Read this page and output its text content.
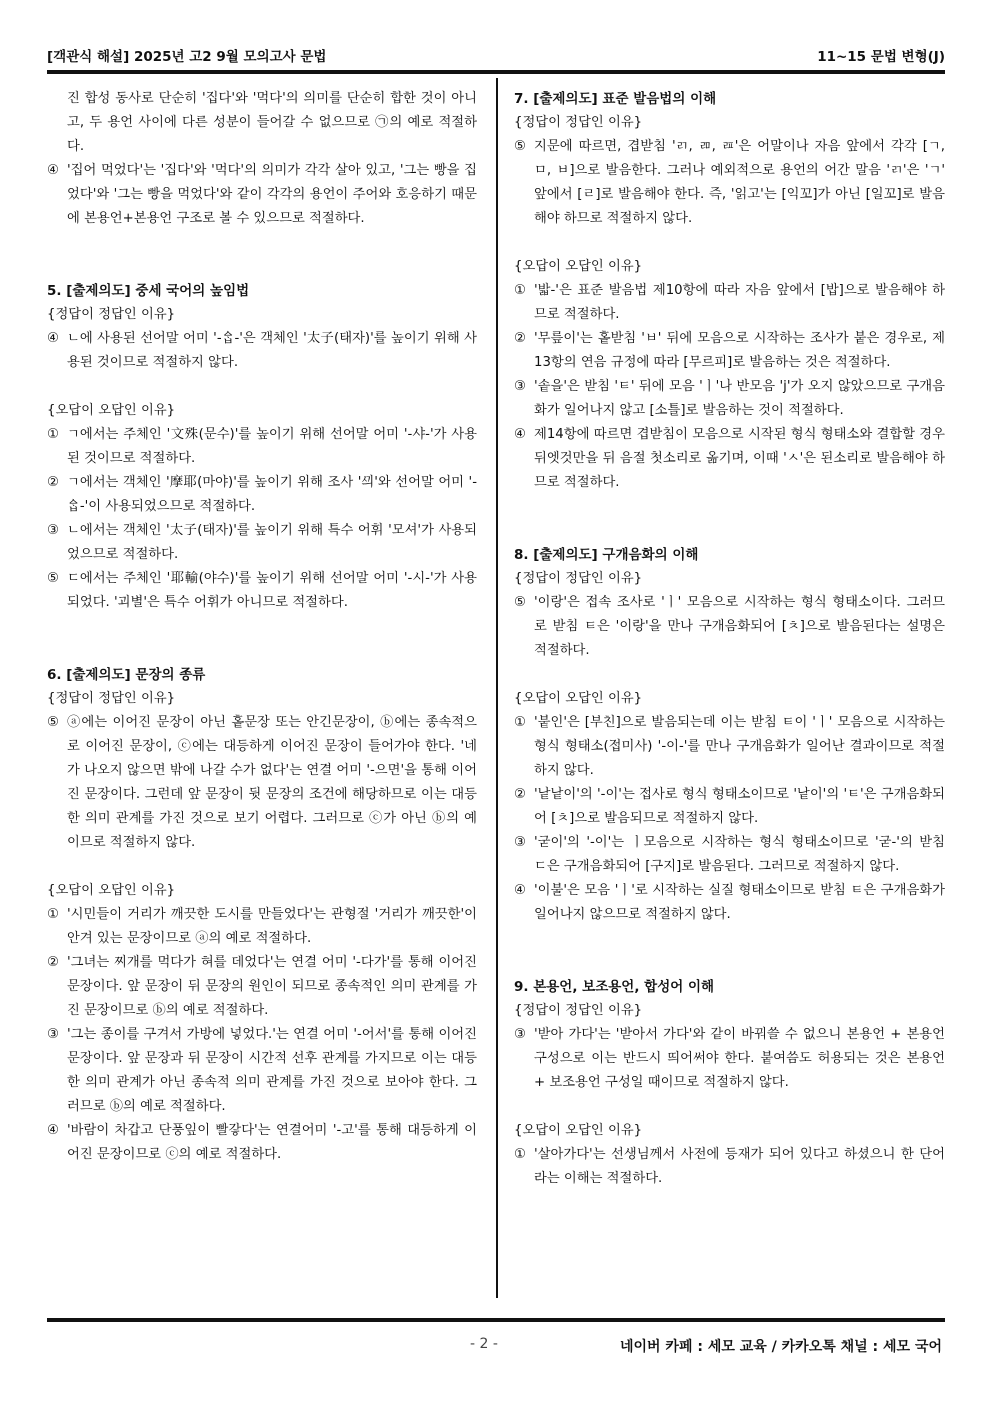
[객관식 해설] 2025년 고2 9월 모의고사 문법	11~15 문법 변형(J)

진 합성 동사로 단순히 '집다'와 '먹다'의 의미를 단순히 합한 것이 아니고, 두 용언 사이에 다른 성분이 들어갈 수 없으므로 ㉠의 예로 적절하다.

④ '집어 먹었다'는 '집다'와 '먹다'의 의미가 각각 살아 있고, '그는 빵을 집었다'와 '그는 빵을 먹었다'와 같이 각각의 용언이 주어와 호응하기 때문에 본용언+본용언 구조로 볼 수 있으므로 적절하다.

5. [출제의도] 중세 국어의 높임법

{정답이 정답인 이유}

④ ㄴ에 사용된 선어말 어미 '-ᅀᆞᆸ-'은 객체인 '太子(태자)'를 높이기 위해 사용된 것이므로 적절하지 않다.

{오답이 오답인 이유}

① ㄱ에서는 주체인 '文殊(문수)'를 높이기 위해 선어말 어미 '-샤-'가 사용된 것이므로 적절하다.
② ㄱ에서는 객체인 '摩耶(마야)'를 높이기 위해 조사 'ᄭᅴ'와 선어말 어미 '-ᅀᆞᆸ-'이 사용되었으므로 적절하다.
③ ㄴ에서는 객체인 '太子(태자)'를 높이기 위해 특수 어휘 '모셔'가 사용되었으므로 적절하다.
⑤ ㄷ에서는 주체인 '耶輸(야수)'를 높이기 위해 선어말 어미 '-시-'가 사용되었다. '괴별'은 특수 어휘가 아니므로 적절하다.

6. [출제의도] 문장의 종류

{정답이 정답인 이유}

⑤ ⓐ에는 이어진 문장이 아닌 홑문장 또는 안긴문장이, ⓑ에는 종속적으로 이어진 문장이, ⓒ에는 대등하게 이어진 문장이 들어가야 한다. '네가 나오지 않으면 밖에 나갈 수가 없다'는 연결 어미 '-으면'을 통해 이어진 문장이다. 그런데 앞 문장이 뒷 문장의 조건에 해당하므로 이는 대등한 의미 관계를 가진 것으로 보기 어렵다. 그러므로 ⓒ가 아닌 ⓑ의 예이므로 적절하지 않다.

{오답이 오답인 이유}

① '시민들이 거리가 깨끗한 도시를 만들었다'는 관형절 '거리가 깨끗한'이 안겨 있는 문장이므로 ⓐ의 예로 적절하다.
② '그녀는 찌개를 먹다가 혀를 데었다'는 연결 어미 '-다가'를 통해 이어진 문장이다. 앞 문장이 뒤 문장의 원인이 되므로 종속적인 의미 관계를 가진 문장이므로 ⓑ의 예로 적절하다.
③ '그는 종이를 구겨서 가방에 넣었다.'는 연결 어미 '-어서'를 통해 이어진 문장이다. 앞 문장과 뒤 문장이 시간적 선후 관계를 가지므로 이는 대등한 의미 관계가 아닌 종속적 의미 관계를 가진 것으로 보아야 한다. 그러므로 ⓑ의 예로 적절하다.
④ '바람이 차갑고 단풍잎이 빨갛다'는 연결어미 '-고'를 통해 대등하게 이어진 문장이므로 ⓒ의 예로 적절하다.

7. [출제의도] 표준 발음법의 이해

{정답이 정답인 이유}

⑤ 지문에 따르면, 겹받침 'ㄺ, ㄻ, ㄿ'은 어말이나 자음 앞에서 각각 [ㄱ, ㅁ, ㅂ]으로 발음한다. 그러나 예외적으로 용언의 어간 말음 'ㄺ'은 'ㄱ' 앞에서 [ㄹ]로 발음해야 한다. 즉, '읽고'는 [익꼬]가 아닌 [일꼬]로 발음해야 하므로 적절하지 않다.

{오답이 오답인 이유}

① '밟-'은 표준 발음법 제10항에 따라 자음 앞에서 [밥]으로 발음해야 하므로 적절하다.
② '무릎이'는 홑받침 'ㅂ' 뒤에 모음으로 시작하는 조사가 붙은 경우로, 제13항의 연음 규정에 따라 [무르피]로 발음하는 것은 적절하다.
③ '솥을'은 받침 'ㅌ' 뒤에 모음 'ㅣ'나 반모음 'j'가 오지 않았으므로 구개음화가 일어나지 않고 [소틀]로 발음하는 것이 적절하다.
④ 제14항에 따르면 겹받침이 모음으로 시작된 형식 형태소와 결합할 경우 뒤엣것만을 뒤 음절 첫소리로 옮기며, 이때 'ㅅ'은 된소리로 발음해야 하므로 적절하다.

8. [출제의도] 구개음화의 이해

{정답이 정답인 이유}

⑤ '이랑'은 접속 조사로 'ㅣ' 모음으로 시작하는 형식 형태소이다. 그러므로 받침 ㅌ은 '이랑'을 만나 구개음화되어 [ㅊ]으로 발음된다는 설명은 적절하다.

{오답이 오답인 이유}

① '붙인'은 [부친]으로 발음되는데 이는 받침 ㅌ이 'ㅣ' 모음으로 시작하는 형식 형태소(접미사) '-이-'를 만나 구개음화가 일어난 결과이므로 적절하지 않다.
② '낱낱이'의 '-이'는 접사로 형식 형태소이므로 '낱이'의 'ㅌ'은 구개음화되어 [ㅊ]으로 발음되므로 적절하지 않다.
③ '굳이'의 '-이'는 ㅣ모음으로 시작하는 형식 형태소이므로 '굳-'의 받침 ㄷ은 구개음화되어 [구지]로 발음된다. 그러므로 적절하지 않다.
④ '이불'은 모음 'ㅣ'로 시작하는 실질 형태소이므로 받침 ㅌ은 구개음화가 일어나지 않으므로 적절하지 않다.

9. 본용언, 보조용언, 합성어 이해

{정답이 정답인 이유}

③ '받아 가다'는 '받아서 가다'와 같이 바꿔쓸 수 없으니 본용언 + 본용언 구성으로 이는 반드시 띄어써야 한다. 붙여씀도 허용되는 것은 본용언 + 보조용언 구성일 때이므로 적절하지 않다.

{오답이 오답인 이유}

① '살아가다'는 선생님께서 사전에 등재가 되어 있다고 하셨으니 한 단어라는 이해는 적절하다.
- 2 -	네이버 카페 : 세모 교육 / 카카오톡 채널 : 세모 국어
